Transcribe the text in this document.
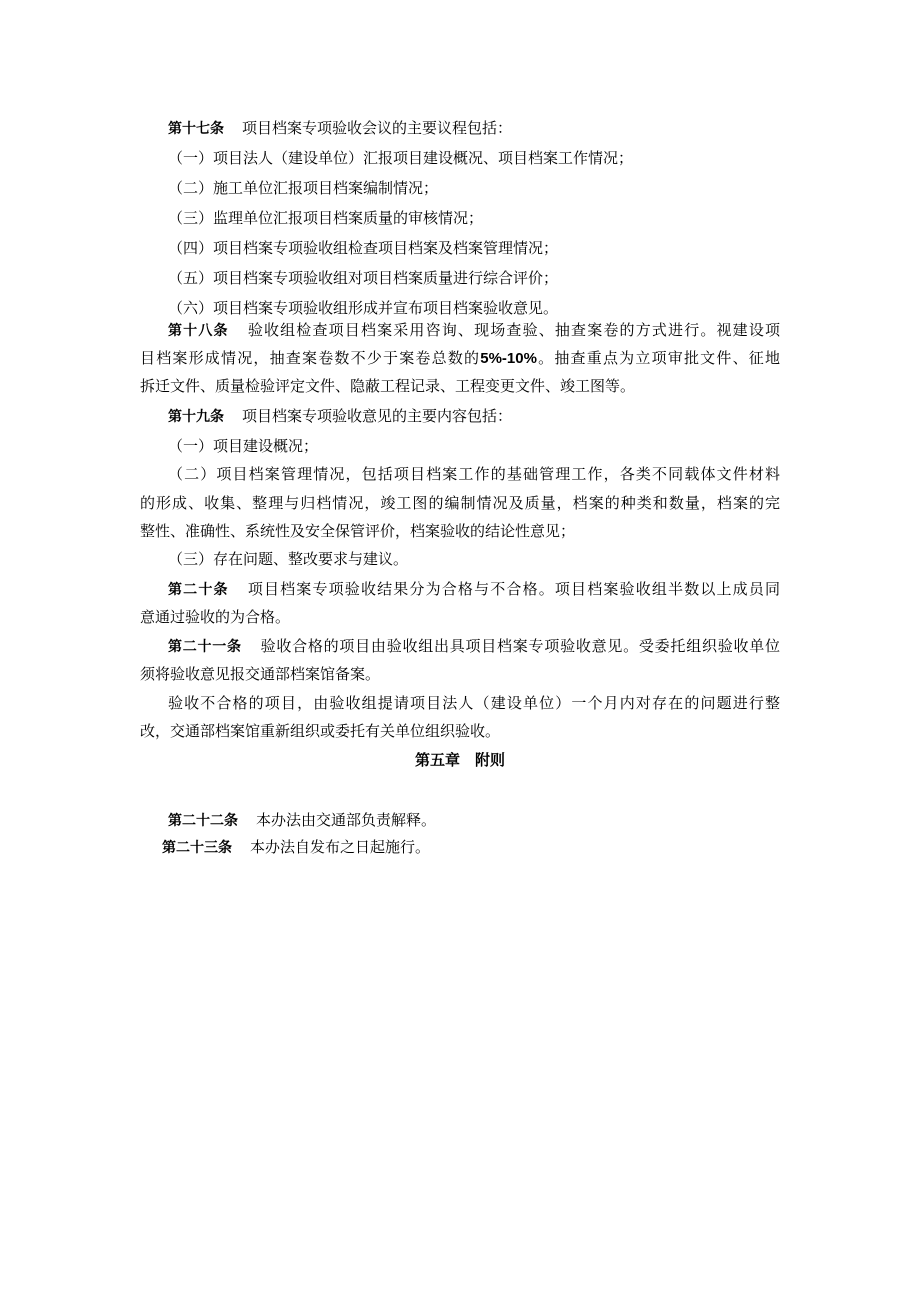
第十七条 项目档案专项验收会议的主要议程包括：
（一）项目法人（建设单位）汇报项目建设概况、项目档案工作情况；
（二）施工单位汇报项目档案编制情况；
（三）监理单位汇报项目档案质量的审核情况；
（四）项目档案专项验收组检查项目档案及档案管理情况；
（五）项目档案专项验收组对项目档案质量进行综合评价；
（六）项目档案专项验收组形成并宣布项目档案验收意见。
第十八条 验收组检查项目档案采用咨询、现场查验、抽查案卷的方式进行。视建设项
目档案形成情况，抽查案卷数不少于案卷总数的5%-10%。抽查重点为立项审批文件、征地
拆迁文件、质量检验评定文件、隐蔽工程记录、工程变更文件、竣工图等。
第十九条 项目档案专项验收意见的主要内容包括：
（一）项目建设概况；
（二）项目档案管理情况，包括项目档案工作的基础管理工作，各类不同载体文件材料
的形成、收集、整理与归档情况，竣工图的编制情况及质量，档案的种类和数量，档案的完
整性、准确性、系统性及安全保管评价，档案验收的结论性意见；
（三）存在问题、整改要求与建议。
第二十条 项目档案专项验收结果分为合格与不合格。项目档案验收组半数以上成员同
意通过验收的为合格。
第二十一条 验收合格的项目由验收组出具项目档案专项验收意见。受委托组织验收单位
须将验收意见报交通部档案馆备案。
验收不合格的项目，由验收组提请项目法人（建设单位）一个月内对存在的问题进行整
改，交通部档案馆重新组织或委托有关单位组织验收。
第五章　附则
第二十二条 本办法由交通部负责解释。
第二十三条 本办法自发布之日起施行。
